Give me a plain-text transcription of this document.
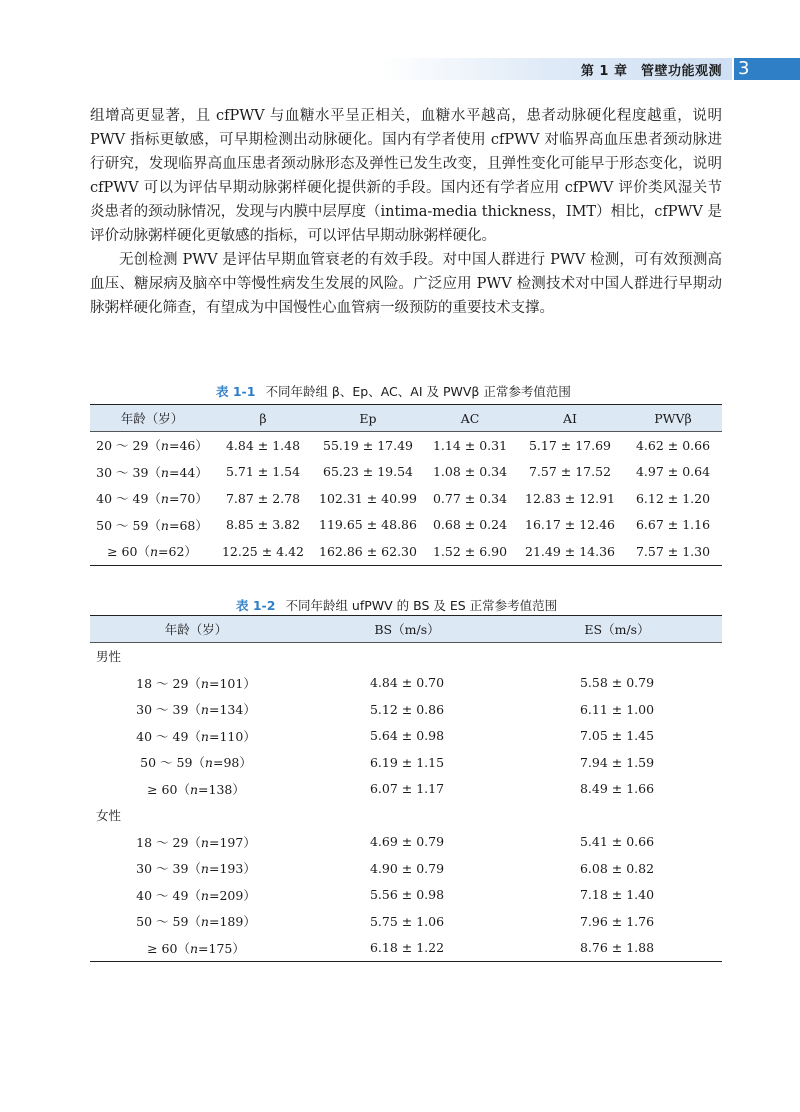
第 1 章　管壁功能观测 3

组增高更显著，且 cfPWV 与血糖水平呈正相关，血糖水平越高，患者动脉硬化程度越重，说明 PWV 指标更敏感，可早期检测出动脉硬化。国内有学者使用 cfPWV 对临界高血压患者颈动脉进行研究，发现临界高血压患者颈动脉形态及弹性已发生改变，且弹性变化可能早于形态变化，说明 cfPWV 可以为评估早期动脉粥样硬化提供新的手段。国内还有学者应用 cfPWV 评价类风湿关节炎患者的颈动脉情况，发现与内膜中层厚度（intima-media thickness，IMT）相比，cfPWV 是评价动脉粥样硬化更敏感的指标，可以评估早期动脉粥样硬化。

无创检测 PWV 是评估早期血管衰老的有效手段。对中国人群进行 PWV 检测，可有效预测高血压、糖尿病及脑卒中等慢性病发生发展的风险。广泛应用 PWV 检测技术对中国人群进行早期动脉粥样硬化筛查，有望成为中国慢性心血管病一级预防的重要技术支撑。

表 1-1 不同年龄组 β、Ep、AC、AI 及 PWVβ 正常参考值范围
年龄（岁）	β	Ep	AC	AI	PWVβ
20 ～ 29（n=46）	4.84 ± 1.48	55.19 ± 17.49	1.14 ± 0.31	5.17 ± 17.69	4.62 ± 0.66
30 ～ 39（n=44）	5.71 ± 1.54	65.23 ± 19.54	1.08 ± 0.34	7.57 ± 17.52	4.97 ± 0.64
40 ～ 49（n=70）	7.87 ± 2.78	102.31 ± 40.99	0.77 ± 0.34	12.83 ± 12.91	6.12 ± 1.20
50 ～ 59（n=68）	8.85 ± 3.82	119.65 ± 48.86	0.68 ± 0.24	16.17 ± 12.46	6.67 ± 1.16
≥ 60（n=62）	12.25 ± 4.42	162.86 ± 62.30	1.52 ± 6.90	21.49 ± 14.36	7.57 ± 1.30
表 1-2 不同年龄组 ufPWV 的 BS 及 ES 正常参考值范围
年龄（岁）	BS（m/s）	ES（m/s）
男性		
18 ～ 29（n=101）	4.84 ± 0.70	5.58 ± 0.79
30 ～ 39（n=134）	5.12 ± 0.86	6.11 ± 1.00
40 ～ 49（n=110）	5.64 ± 0.98	7.05 ± 1.45
50 ～ 59（n=98）	6.19 ± 1.15	7.94 ± 1.59
≥ 60（n=138）	6.07 ± 1.17	8.49 ± 1.66
女性		
18 ～ 29（n=197）	4.69 ± 0.79	5.41 ± 0.66
30 ～ 39（n=193）	4.90 ± 0.79	6.08 ± 0.82
40 ～ 49（n=209）	5.56 ± 0.98	7.18 ± 1.40
50 ～ 59（n=189）	5.75 ± 1.06	7.96 ± 1.76
≥ 60（n=175）	6.18 ± 1.22	8.76 ± 1.88
